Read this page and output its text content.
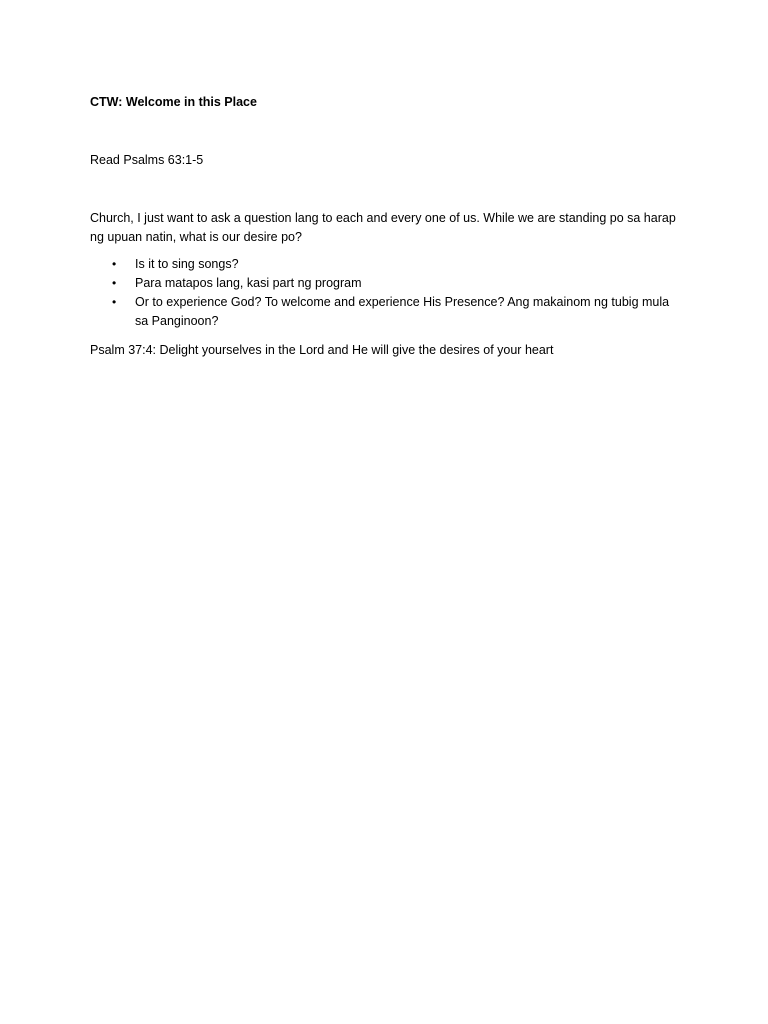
CTW: Welcome in this Place

Read Psalms 63:1-5

Church, I just want to ask a question lang to each and every one of us. While we are standing po sa harap ng upuan natin, what is our desire po?

• Is it to sing songs?
• Para matapos lang, kasi part ng program
• Or to experience God? To welcome and experience His Presence? Ang makainom ng tubig mula sa Panginoon?

Psalm 37:4: Delight yourselves in the Lord and He will give the desires of your heart
